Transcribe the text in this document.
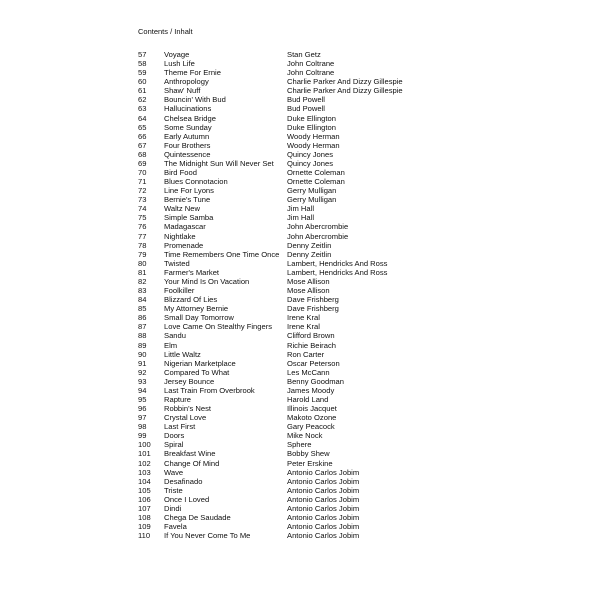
Contents / Inhalt
57	Voyage	Stan Getz
58	Lush Life	John Coltrane
59	Theme For Ernie	John Coltrane
60	Anthropology	Charlie Parker And Dizzy Gillespie
61	Shaw' Nuff	Charlie Parker And Dizzy Gillespie
62	Bouncin' With Bud	Bud Powell
63	Hallucinations	Bud Powell
64	Chelsea Bridge	Duke Ellington
65	Some Sunday	Duke Ellington
66	Early Autumn	Woody Herman
67	Four Brothers	Woody Herman
68	Quintessence	Quincy Jones
69	The Midnight Sun Will Never Set	Quincy Jones
70	Bird Food	Ornette Coleman
71	Blues Connotacion	Ornette Coleman
72	Line For Lyons	Gerry Mulligan
73	Bernie's Tune	Gerry Mulligan
74	Waltz New	Jim Hall
75	Simple Samba	Jim Hall
76	Madagascar	John Abercrombie
77	Nightlake	John Abercrombie
78	Promenade	Denny Zeitlin
79	Time Remembers One Time Once	Denny Zeitlin
80	Twisted	Lambert, Hendricks And Ross
81	Farmer's Market	Lambert, Hendricks And Ross
82	Your Mind Is On Vacation	Mose Allison
83	Foolkiller	Mose Allison
84	Blizzard Of Lies	Dave Frishberg
85	My Attorney Bernie	Dave Frishberg
86	Small Day Tomorrow	Irene Kral
87	Love Came On Stealthy Fingers	Irene Kral
88	Sandu	Clifford Brown
89	Elm	Richie Beirach
90	Little Waltz	Ron Carter
91	Nigerian Marketplace	Oscar Peterson
92	Compared To What	Les McCann
93	Jersey Bounce	Benny Goodman
94	Last Train From Overbrook	James Moody
95	Rapture	Harold Land
96	Robbin's Nest	Illinois Jacquet
97	Crystal Love	Makoto Ozone
98	Last First	Gary Peacock
99	Doors	Mike Nock
100	Spiral	Sphere
101	Breakfast Wine	Bobby Shew
102	Change Of Mind	Peter Erskine
103	Wave	Antonio Carlos Jobim
104	Desafinado	Antonio Carlos Jobim
105	Triste	Antonio Carlos Jobim
106	Once I Loved	Antonio Carlos Jobim
107	Dindi	Antonio Carlos Jobim
108	Chega De Saudade	Antonio Carlos Jobim
109	Favela	Antonio Carlos Jobim
110	If You Never Come To Me	Antonio Carlos Jobim
